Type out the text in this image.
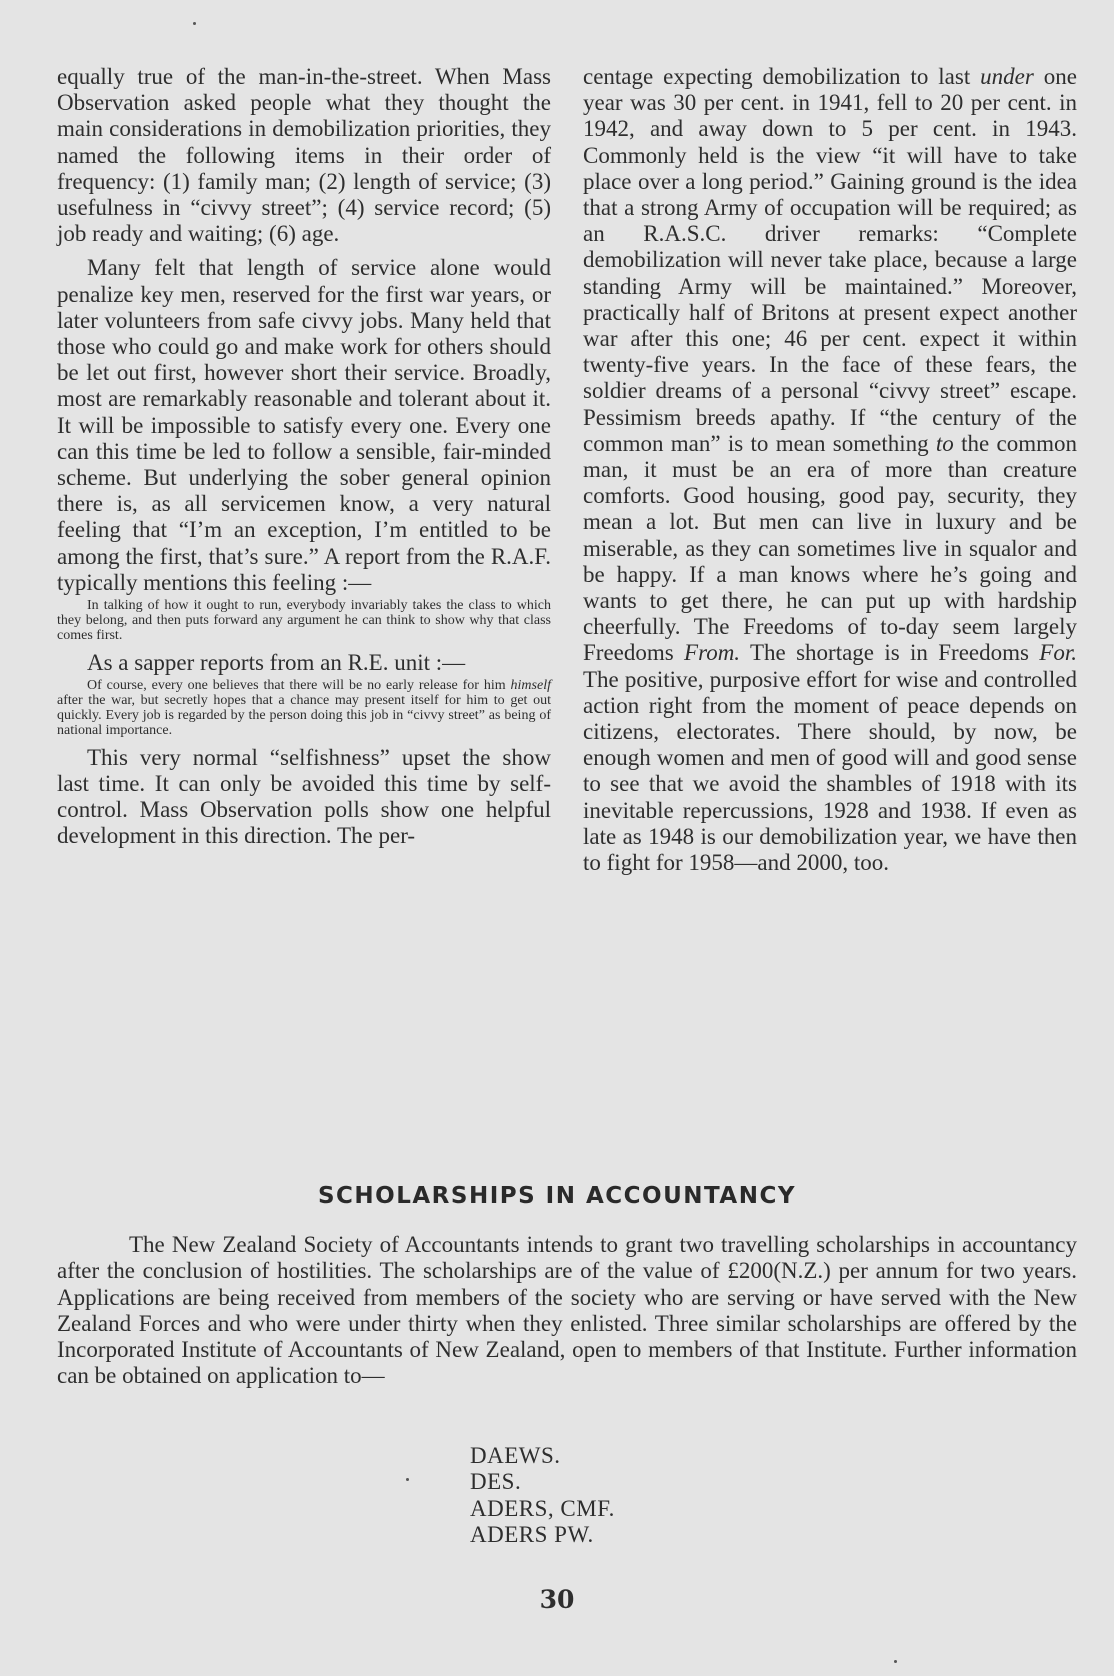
equally true of the man-in-the-street. When Mass Observation asked people what they thought the main considerations in demobilization priorities, they named the following items in their order of frequency: (1) family man; (2) length of service; (3) usefulness in “civvy street”; (4) service record; (5) job ready and waiting; (6) age.

Many felt that length of service alone would penalize key men, reserved for the first war years, or later volunteers from safe civvy jobs. Many held that those who could go and make work for others should be let out first, however short their service. Broadly, most are remarkably reasonable and tolerant about it. It will be impossible to satisfy every one. Every one can this time be led to follow a sensible, fair-minded scheme. But underlying the sober general opinion there is, as all servicemen know, a very natural feeling that “I’m an exception, I’m entitled to be among the first, that’s sure.” A report from the R.A.F. typically mentions this feeling :—

In talking of how it ought to run, everybody invariably takes the class to which they belong, and then puts forward any argument he can think to show why that class comes first.

As a sapper reports from an R.E. unit :—

Of course, every one believes that there will be no early release for him himself after the war, but secretly hopes that a chance may present itself for him to get out quickly. Every job is regarded by the person doing this job in “civvy street” as being of national importance.

This very normal “selfishness” upset the show last time. It can only be avoided this time by self-control. Mass Observation polls show one helpful development in this direction. The per-

centage expecting demobilization to last under one year was 30 per cent. in 1941, fell to 20 per cent. in 1942, and away down to 5 per cent. in 1943. Commonly held is the view “it will have to take place over a long period.” Gaining ground is the idea that a strong Army of occupation will be required; as an R.A.S.C. driver remarks: “Complete demobilization will never take place, because a large standing Army will be maintained.” Moreover, practically half of Britons at present expect another war after this one; 46 per cent. expect it within twenty-five years. In the face of these fears, the soldier dreams of a personal “civvy street” escape. Pessimism breeds apathy. If “the century of the common man” is to mean something to the common man, it must be an era of more than creature comforts. Good housing, good pay, security, they mean a lot. But men can live in luxury and be miserable, as they can sometimes live in squalor and be happy. If a man knows where he’s going and wants to get there, he can put up with hardship cheerfully. The Freedoms of to-day seem largely Freedoms From. The shortage is in Freedoms For. The positive, purposive effort for wise and controlled action right from the moment of peace depends on citizens, electorates. There should, by now, be enough women and men of good will and good sense to see that we avoid the shambles of 1918 with its inevitable repercussions, 1928 and 1938. If even as late as 1948 is our demobilization year, we have then to fight for 1958—and 2000, too.

SCHOLARSHIPS IN ACCOUNTANCY
The New Zealand Society of Accountants intends to grant two travelling scholarships in accountancy after the conclusion of hostilities. The scholarships are of the value of £200(N.Z.) per annum for two years. Applications are being received from members of the society who are serving or have served with the New Zealand Forces and who were under thirty when they enlisted. Three similar scholarships are offered by the Incorporated Institute of Accountants of New Zealand, open to members of that Institute. Further information can be obtained on application to—
DAEWS.
DES.
ADERS, CMF.
ADERS PW.
30
